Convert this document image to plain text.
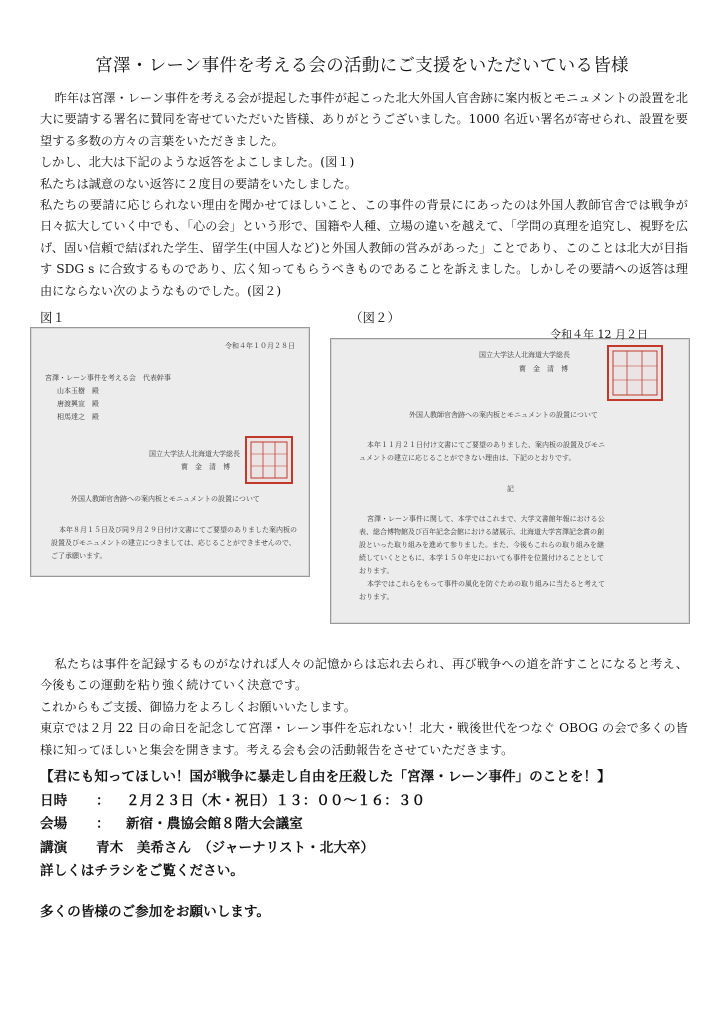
宮澤・レーン事件を考える会の活動にご支援をいただいている皆様

昨年は宮澤・レーン事件を考える会が提起した事件が起こった北大外国人官舎跡に案内板とモニュメントの設置を北大に要請する署名に賛同を寄せていただいた皆様、ありがとうございました。1000 名近い署名が寄せられ、設置を要望する多数の方々の言葉をいただきました。

しかし、北大は下記のような返答をよこしました。(図１)

私たちは誠意のない返答に２度目の要請をいたしました。

私たちの要請に応じられない理由を聞かせてほしいこと、この事件の背景ににあったのは外国人教師官舎では戦争が日々拡大していく中でも、「心の会」という形で、国籍や人種、立場の違いを越えて、「学問の真理を追究し、視野を広げ、固い信頼で結ばれた学生、留学生(中国人など)と外国人教師の営みがあった」ことであり、このことは北大が目指す SDG s に合致するものであり、広く知ってもらうべきものであることを訴えました。しかしその要請への返答は理由にならない次のようなものでした。(図２)

図１	（図２）
令和４年１０月２８日
宮澤・レーン事件を考える会　代表幹事
山本玉樹　殿
唐渡興宣　殿
相馬達之　殿
国立大学法人北海道大学総長
寳　金　清　博
外国人教師官舎跡への案内板とモニュメントの設置について
本年８月１５日及び同９月２９日付け文書にてご要望のありました案内板の
設置及びモニュメントの建立につきましては、応じることができませんので、
ご了承願います。
国立大学法人北海道大学総長
寳　金　清　博
外国人教師官舎跡への案内板とモニュメントの設置について
本年１１月２１日付け文書にてご要望のありました、案内板の設置及びモニ
ュメントの建立に応じることができない理由は、下記のとおりです。
記
宮澤・レーン事件に関して、本学ではこれまで、大学文書館年報における公
表、総合博物館及び百年記念会館における諸展示、北海道大学宮澤記念賞の創
設といった取り組みを進めて参りました。また、今後もこれらの取り組みを継
続していくとともに、本学１５０年史においても事件を位置付けることとして
おります。
本学ではこれらをもって事件の風化を防ぐための取り組みに当たると考えて
おります。
令和４年 12 月２日

私たちは事件を記録するものがなければ人々の記憶からは忘れ去られ、再び戦争への道を許すことになると考え、今後もこの運動を粘り強く続けていく決意です。

これからもご支援、御協力をよろしくお願いいたします。

東京では２月 22 日の命日を記念して宮澤・レーン事件を忘れない！北大・戦後世代をつなぐ OBOG の会で多くの皆様に知ってほしいと集会を開きます。考える会も会の活動報告をさせていただきます。

【君にも知ってほしい！国が戦争に暴走し自由を圧殺した「宮澤・レーン事件」のことを！】
日時	：	２月２３日（木・祝日）１３：００〜１６：３０
会場	：	新宿・農協会館８階大会議室
講演	青木　美希さん　（ジャーナリスト・北大卒）
詳しくはチラシをご覧ください。
多くの皆様のご参加をお願いします。
